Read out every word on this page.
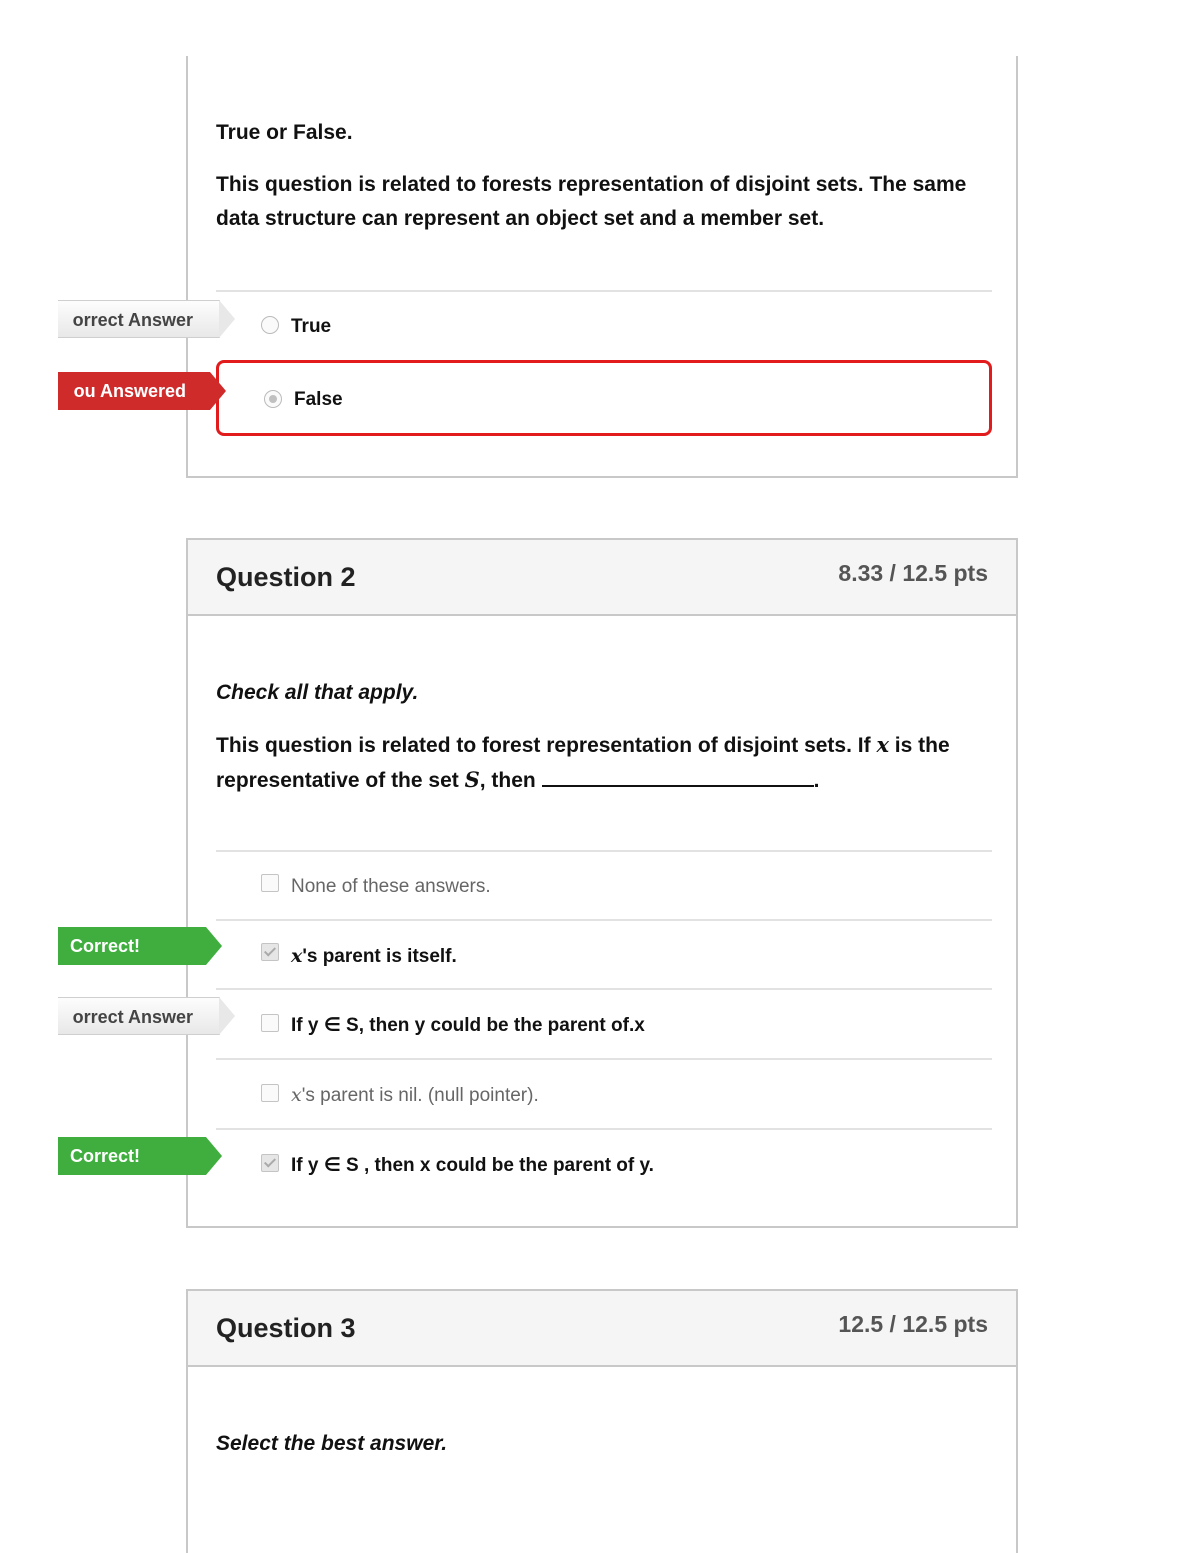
True or False.
This question is related to forests representation of disjoint sets. The same data structure can represent an object set and a member set.
True
False
orrect Answer
ou Answered
Question 2	8.33 / 12.5 pts
Check all that apply.
This question is related to forest representation of disjoint sets. If x is the representative of the set S, then	.
None of these answers.
x's parent is itself.
If y ∈ S, then y could be the parent of.x
x's parent is nil. (null pointer).
If y ∈ S , then x could be the parent of y.
Correct!
orrect Answer
Correct!
Question 3	12.5 / 12.5 pts
Select the best answer.
